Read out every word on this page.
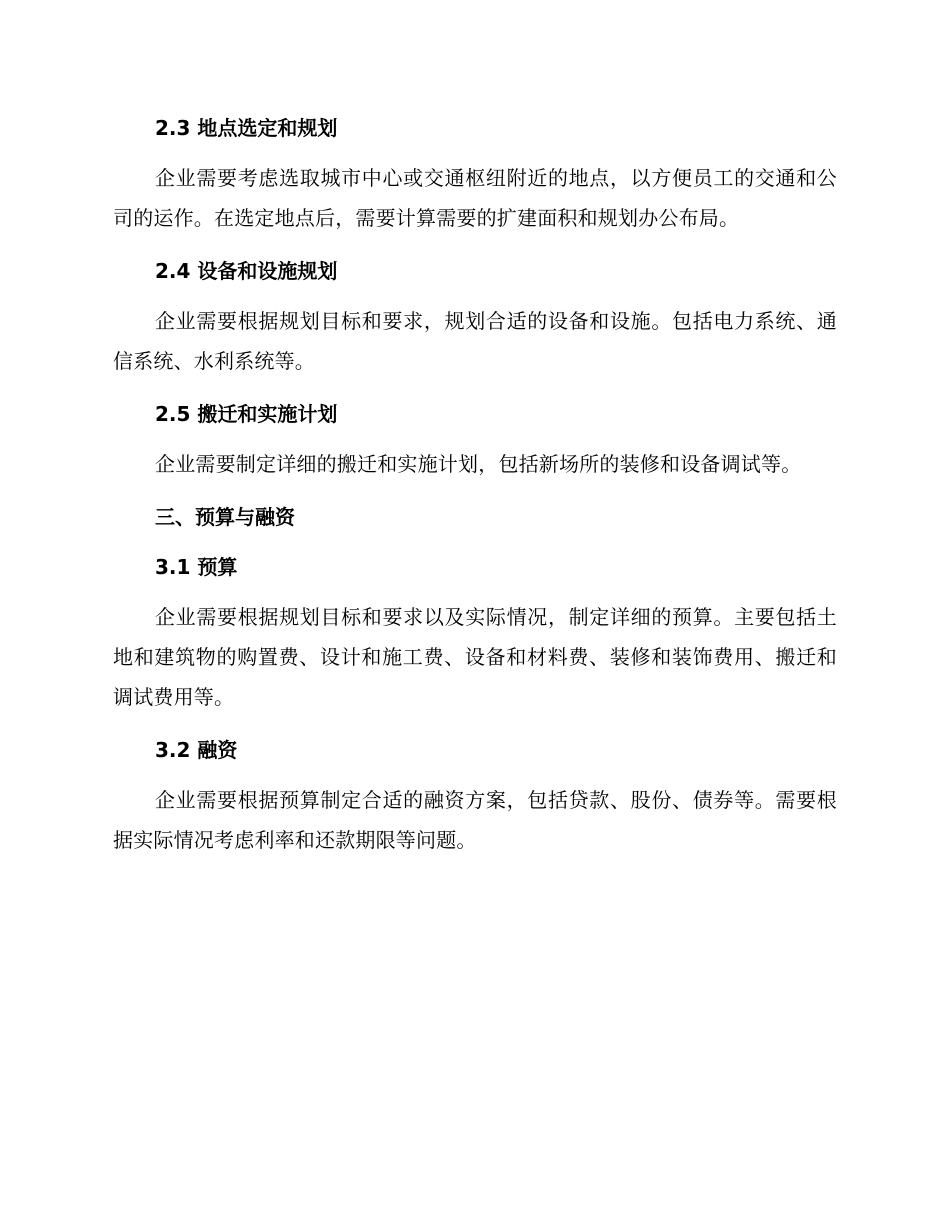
2.3 地点选定和规划

企业需要考虑选取城市中心或交通枢纽附近的地点，以方便员工的交通和公司的运作。在选定地点后，需要计算需要的扩建面积和规划办公布局。

2.4 设备和设施规划

企业需要根据规划目标和要求，规划合适的设备和设施。包括电力系统、通信系统、水利系统等。

2.5 搬迁和实施计划

企业需要制定详细的搬迁和实施计划，包括新场所的装修和设备调试等。

三、预算与融资
3.1 预算

企业需要根据规划目标和要求以及实际情况，制定详细的预算。主要包括土地和建筑物的购置费、设计和施工费、设备和材料费、装修和装饰费用、搬迁和调试费用等。

3.2 融资

企业需要根据预算制定合适的融资方案，包括贷款、股份、债券等。需要根据实际情况考虑利率和还款期限等问题。
